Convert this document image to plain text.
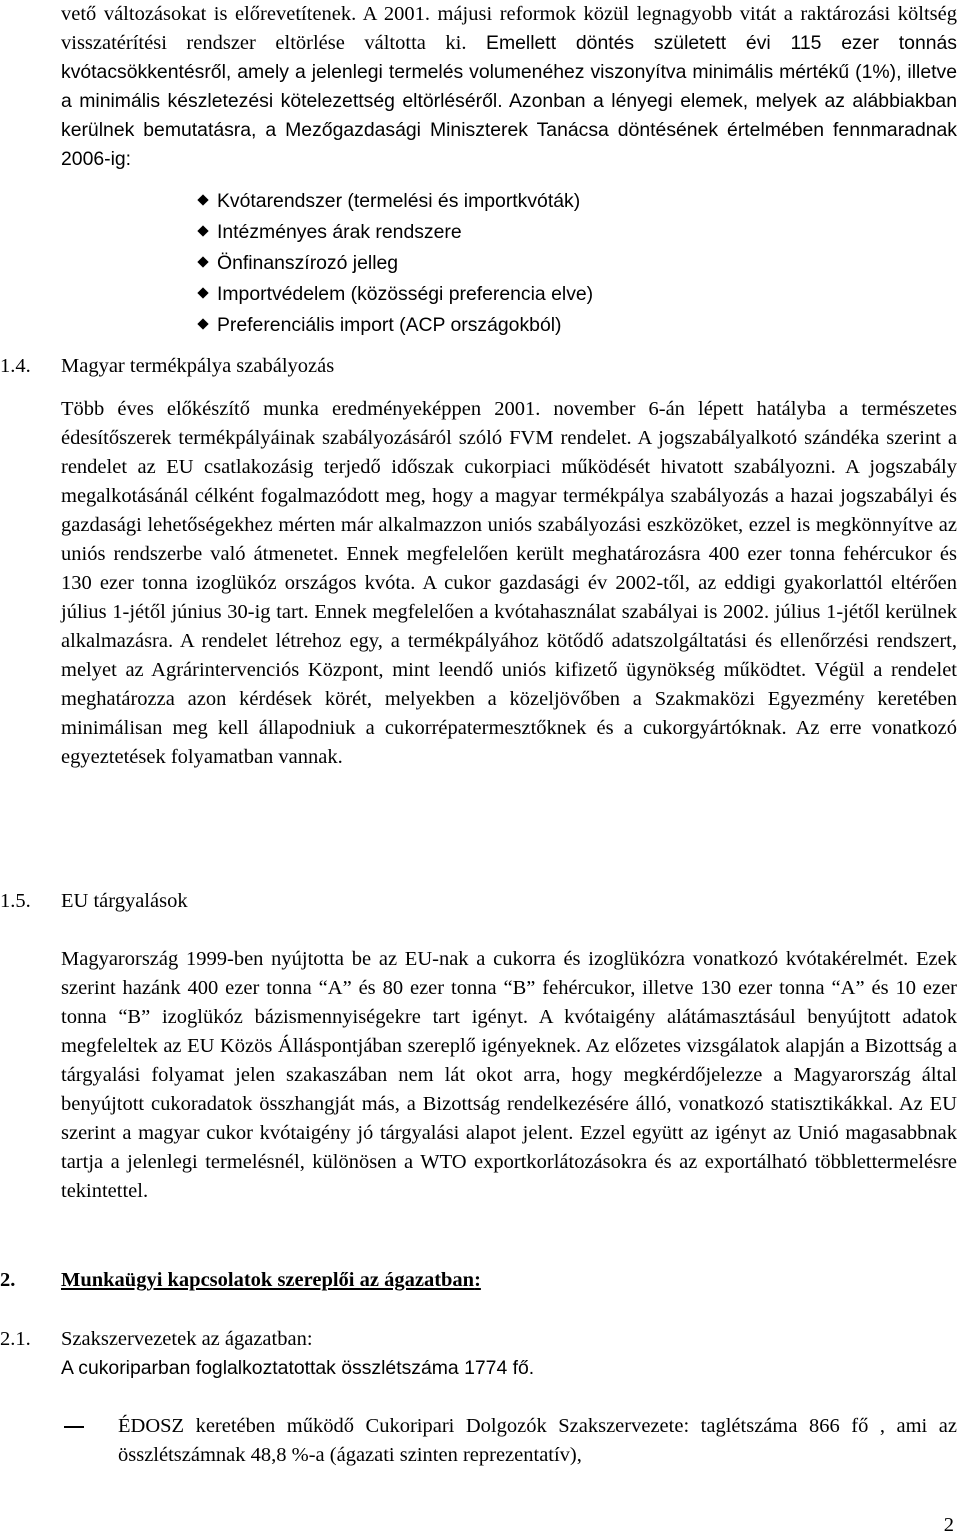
vető változásokat is előrevetítenek. A 2001. májusi reformok közül legnagyobb vitát a raktározási költség visszatérítési rendszer eltörlése váltotta ki. Emellett döntés született évi 115 ezer tonnás kvótacsökkentésről, amely a jelenlegi termelés volumenéhez viszonyítva minimális mértékű (1%), illetve a minimális készletezési kötelezettség eltörléséről. Azonban a lényegi elemek, melyek az alábbiakban kerülnek bemutatásra, a Mezőgazdasági Miniszterek Tanácsa döntésének értelmében fennmaradnak 2006-ig:

Kvótarendszer (termelési és importkvóták)
Intézményes árak rendszere
Önfinanszírozó jelleg
Importvédelem (közösségi preferencia elve)
Preferenciális import (ACP országokból)

1.4. Magyar termékpálya szabályozás

Több éves előkészítő munka eredményeképpen 2001. november 6-án lépett hatályba a természetes édesítőszerek termékpályáinak szabályozásáról szóló FVM rendelet. A jogszabályalkotó szándéka szerint a rendelet az EU csatlakozásig terjedő időszak cukorpiaci működését hivatott szabályozni. A jogszabály megalkotásánál célként fogalmazódott meg, hogy a magyar termékpálya szabályozás a hazai jogszabályi és gazdasági lehetőségekhez mérten már alkalmazzon uniós szabályozási eszközöket, ezzel is megkönnyítve az uniós rendszerbe való átmenetet. Ennek megfelelően került meghatározásra 400 ezer tonna fehércukor és 130 ezer tonna izoglükóz országos kvóta. A cukor gazdasági év 2002-től, az eddigi gyakorlattól eltérően július 1-jétől június 30-ig tart. Ennek megfelelően a kvótahasználat szabályai is 2002. július 1-jétől kerülnek alkalmazásra. A rendelet létrehoz egy, a termékpályához kötődő adatszolgáltatási és ellenőrzési rendszert, melyet az Agrárintervenciós Központ, mint leendő uniós kifizető ügynökség működtet. Végül a rendelet meghatározza azon kérdések körét, melyekben a közeljövőben a Szakmaközi Egyezmény keretében minimálisan meg kell állapodniuk a cukorrépatermesztőknek és a cukorgyártóknak. Az erre vonatkozó egyeztetések folyamatban vannak.

1.5. EU tárgyalások

Magyarország 1999-ben nyújtotta be az EU-nak a cukorra és izoglükózra vonatkozó kvótakérelmét. Ezek szerint hazánk 400 ezer tonna “A” és 80 ezer tonna “B” fehércukor, illetve 130 ezer tonna “A” és 10 ezer tonna “B” izoglükóz bázismennyiségekre tart igényt. A kvótaigény alátámasztásául benyújtott adatok megfeleltek az EU Közös Álláspontjában szereplő igényeknek. Az előzetes vizsgálatok alapján a Bizottság a tárgyalási folyamat jelen szakaszában nem lát okot arra, hogy megkérdőjelezze a Magyarország által benyújtott cukoradatok összhangját más, a Bizottság rendelkezésére álló, vonatkozó statisztikákkal. Az EU szerint a magyar cukor kvótaigény jó tárgyalási alapot jelent. Ezzel együtt az igényt az Unió magasabbnak tartja a jelenlegi termelésnél, különösen a WTO exportkorlátozásokra és az exportálható többlettermelésre tekintettel.

2. Munkaügyi kapcsolatok szereplői az ágazatban:

2.1. Szakszervezetek az ágazatban:

A cukoriparban foglalkoztatottak összlétszáma 1774 fő.

ÉDOSZ keretében működő Cukoripari Dolgozók Szakszervezete: taglétszáma 866 fő , ami az összlétszámnak 48,8 %-a (ágazati szinten reprezentatív),

2
